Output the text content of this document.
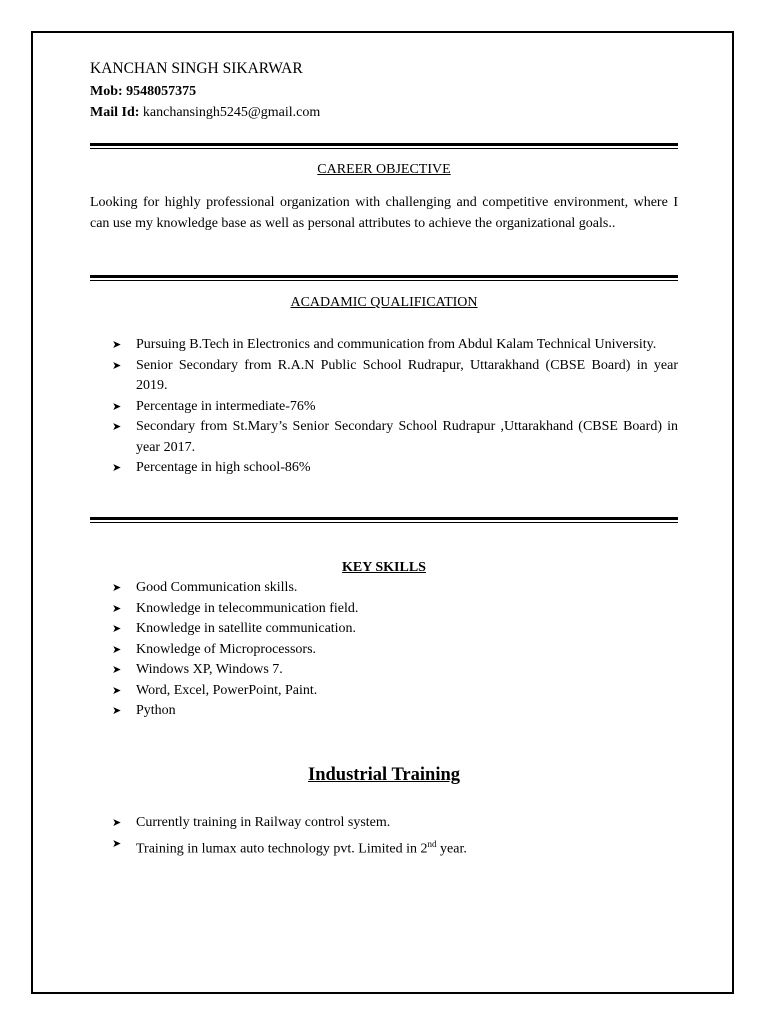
KANCHAN SINGH SIKARWAR
Mob: 9548057375
Mail Id: kanchansingh5245@gmail.com
CAREER OBJECTIVE
Looking for highly professional organization with challenging and competitive environment, where I can use my knowledge base as well as personal attributes to achieve the organizational goals..
ACADAMIC QUALIFICATION
➤ Pursuing B.Tech in Electronics and communication from Abdul Kalam Technical University.
➤ Senior Secondary from R.A.N Public School Rudrapur, Uttarakhand (CBSE Board) in year 2019.
➤ Percentage in intermediate-76%
➤ Secondary from St.Mary’s Senior Secondary School Rudrapur ,Uttarakhand (CBSE Board) in year 2017.
➤ Percentage in high school-86%
KEY SKILLS
➤ Good Communication skills.
➤ Knowledge in telecommunication field.
➤ Knowledge in satellite communication.
➤ Knowledge of Microprocessors.
➤ Windows XP, Windows 7.
➤ Word, Excel, PowerPoint, Paint.
➤ Python
Industrial Training
➤ Currently training in Railway control system.
➤ Training in lumax auto technology pvt. Limited in 2nd year.
